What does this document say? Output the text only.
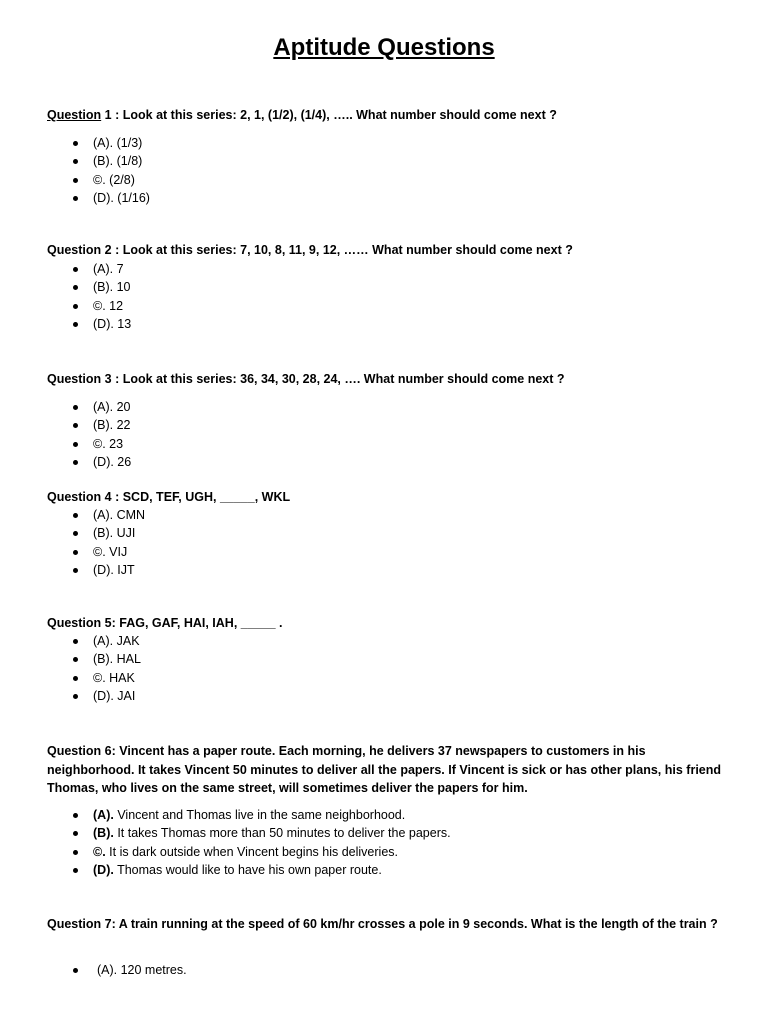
Aptitude Questions

Question 1 : Look at this series: 2, 1, (1/2), (1/4), ….. What number should come next ?

(A). (1/3)
(B). (1/8)
©. (2/8)
(D). (1/16)

Question 2 : Look at this series: 7, 10, 8, 11, 9, 12, …… What number should come next ?

(A). 7
(B). 10
©. 12
(D). 13

Question 3 : Look at this series: 36, 34, 30, 28, 24, …. What number should come next ?

(A). 20
(B). 22
©. 23
(D). 26

Question 4 : SCD, TEF, UGH, _____, WKL

(A). CMN
(B). UJI
©. VIJ
(D). IJT

Question 5: FAG, GAF, HAI, IAH, _____ .

(A). JAK
(B). HAL
©. HAK
(D). JAI

Question 6: Vincent has a paper route. Each morning, he delivers 37 newspapers to customers in his neighborhood. It takes Vincent 50 minutes to deliver all the papers. If Vincent is sick or has other plans, his friend Thomas, who lives on the same street, will sometimes deliver the papers for him.

(A). Vincent and Thomas live in the same neighborhood.
(B). It takes Thomas more than 50 minutes to deliver the papers.
©. It is dark outside when Vincent begins his deliveries.
(D). Thomas would like to have his own paper route.

Question 7: A train running at the speed of 60 km/hr crosses a pole in 9 seconds. What is the length of the train ?

(A). 120 metres.
